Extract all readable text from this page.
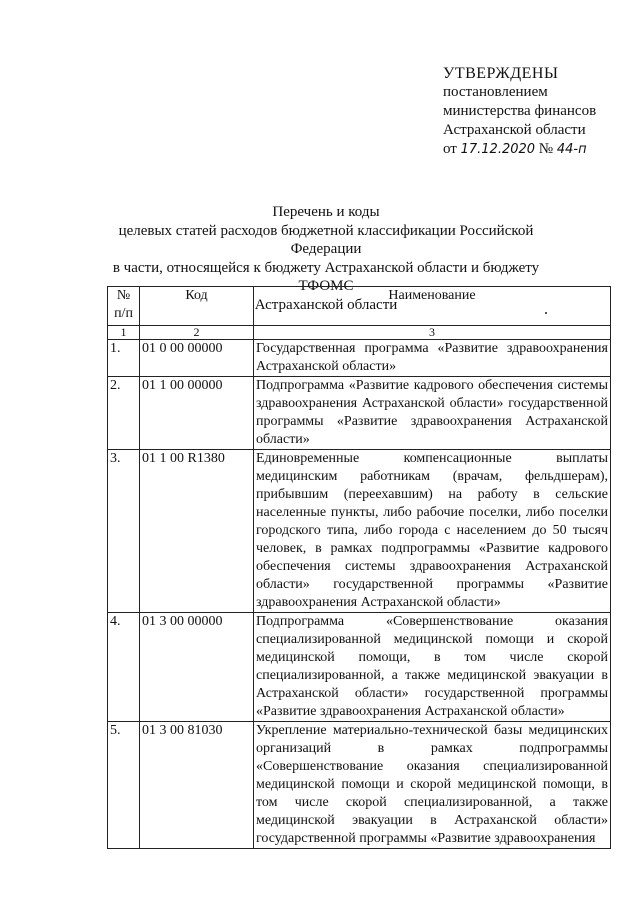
УТВЕРЖДЕНЫ
постановлением
министерства финансов
Астраханской области
от 17.12.2020 № 44-п
Перечень и коды
целевых статей расходов бюджетной классификации Российской Федерации
в части, относящейся к бюджету Астраханской области и бюджету ТФОМС
Астраханской области
№ п/п	Код	Наименование
1	2	3
1.	01 0 00 00000	Государственная программа «Развитие здравоохранения Астраханской области»
2.	01 1 00 00000	Подпрограмма «Развитие кадрового обеспечения системы здравоохранения Астраханской области» государственной программы «Развитие здравоохранения Астраханской области»
3.	01 1 00 R1380	Единовременные компенсационные выплаты медицинским работникам (врачам, фельдшерам), прибывшим (переехавшим) на работу в сельские населенные пункты, либо рабочие поселки, либо поселки городского типа, либо города с населением до 50 тысяч человек, в рамках подпрограммы «Развитие кадрового обеспечения системы здравоохранения Астраханской области» государственной программы «Развитие здравоохранения Астраханской области»
4.	01 3 00 00000	Подпрограмма «Совершенствование оказания специализированной медицинской помощи и скорой медицинской помощи, в том числе скорой специализированной, а также медицинской эвакуации в Астраханской области» государственной программы «Развитие здравоохранения Астраханской области»
5.	01 3 00 81030	Укрепление материально-технической базы медицинских организаций в рамках подпрограммы «Совершенствование оказания специализированной медицинской помощи и скорой медицинской помощи, в том числе скорой специализированной, а также медицинской эвакуации в Астраханской области» государственной программы «Развитие здравоохранения
